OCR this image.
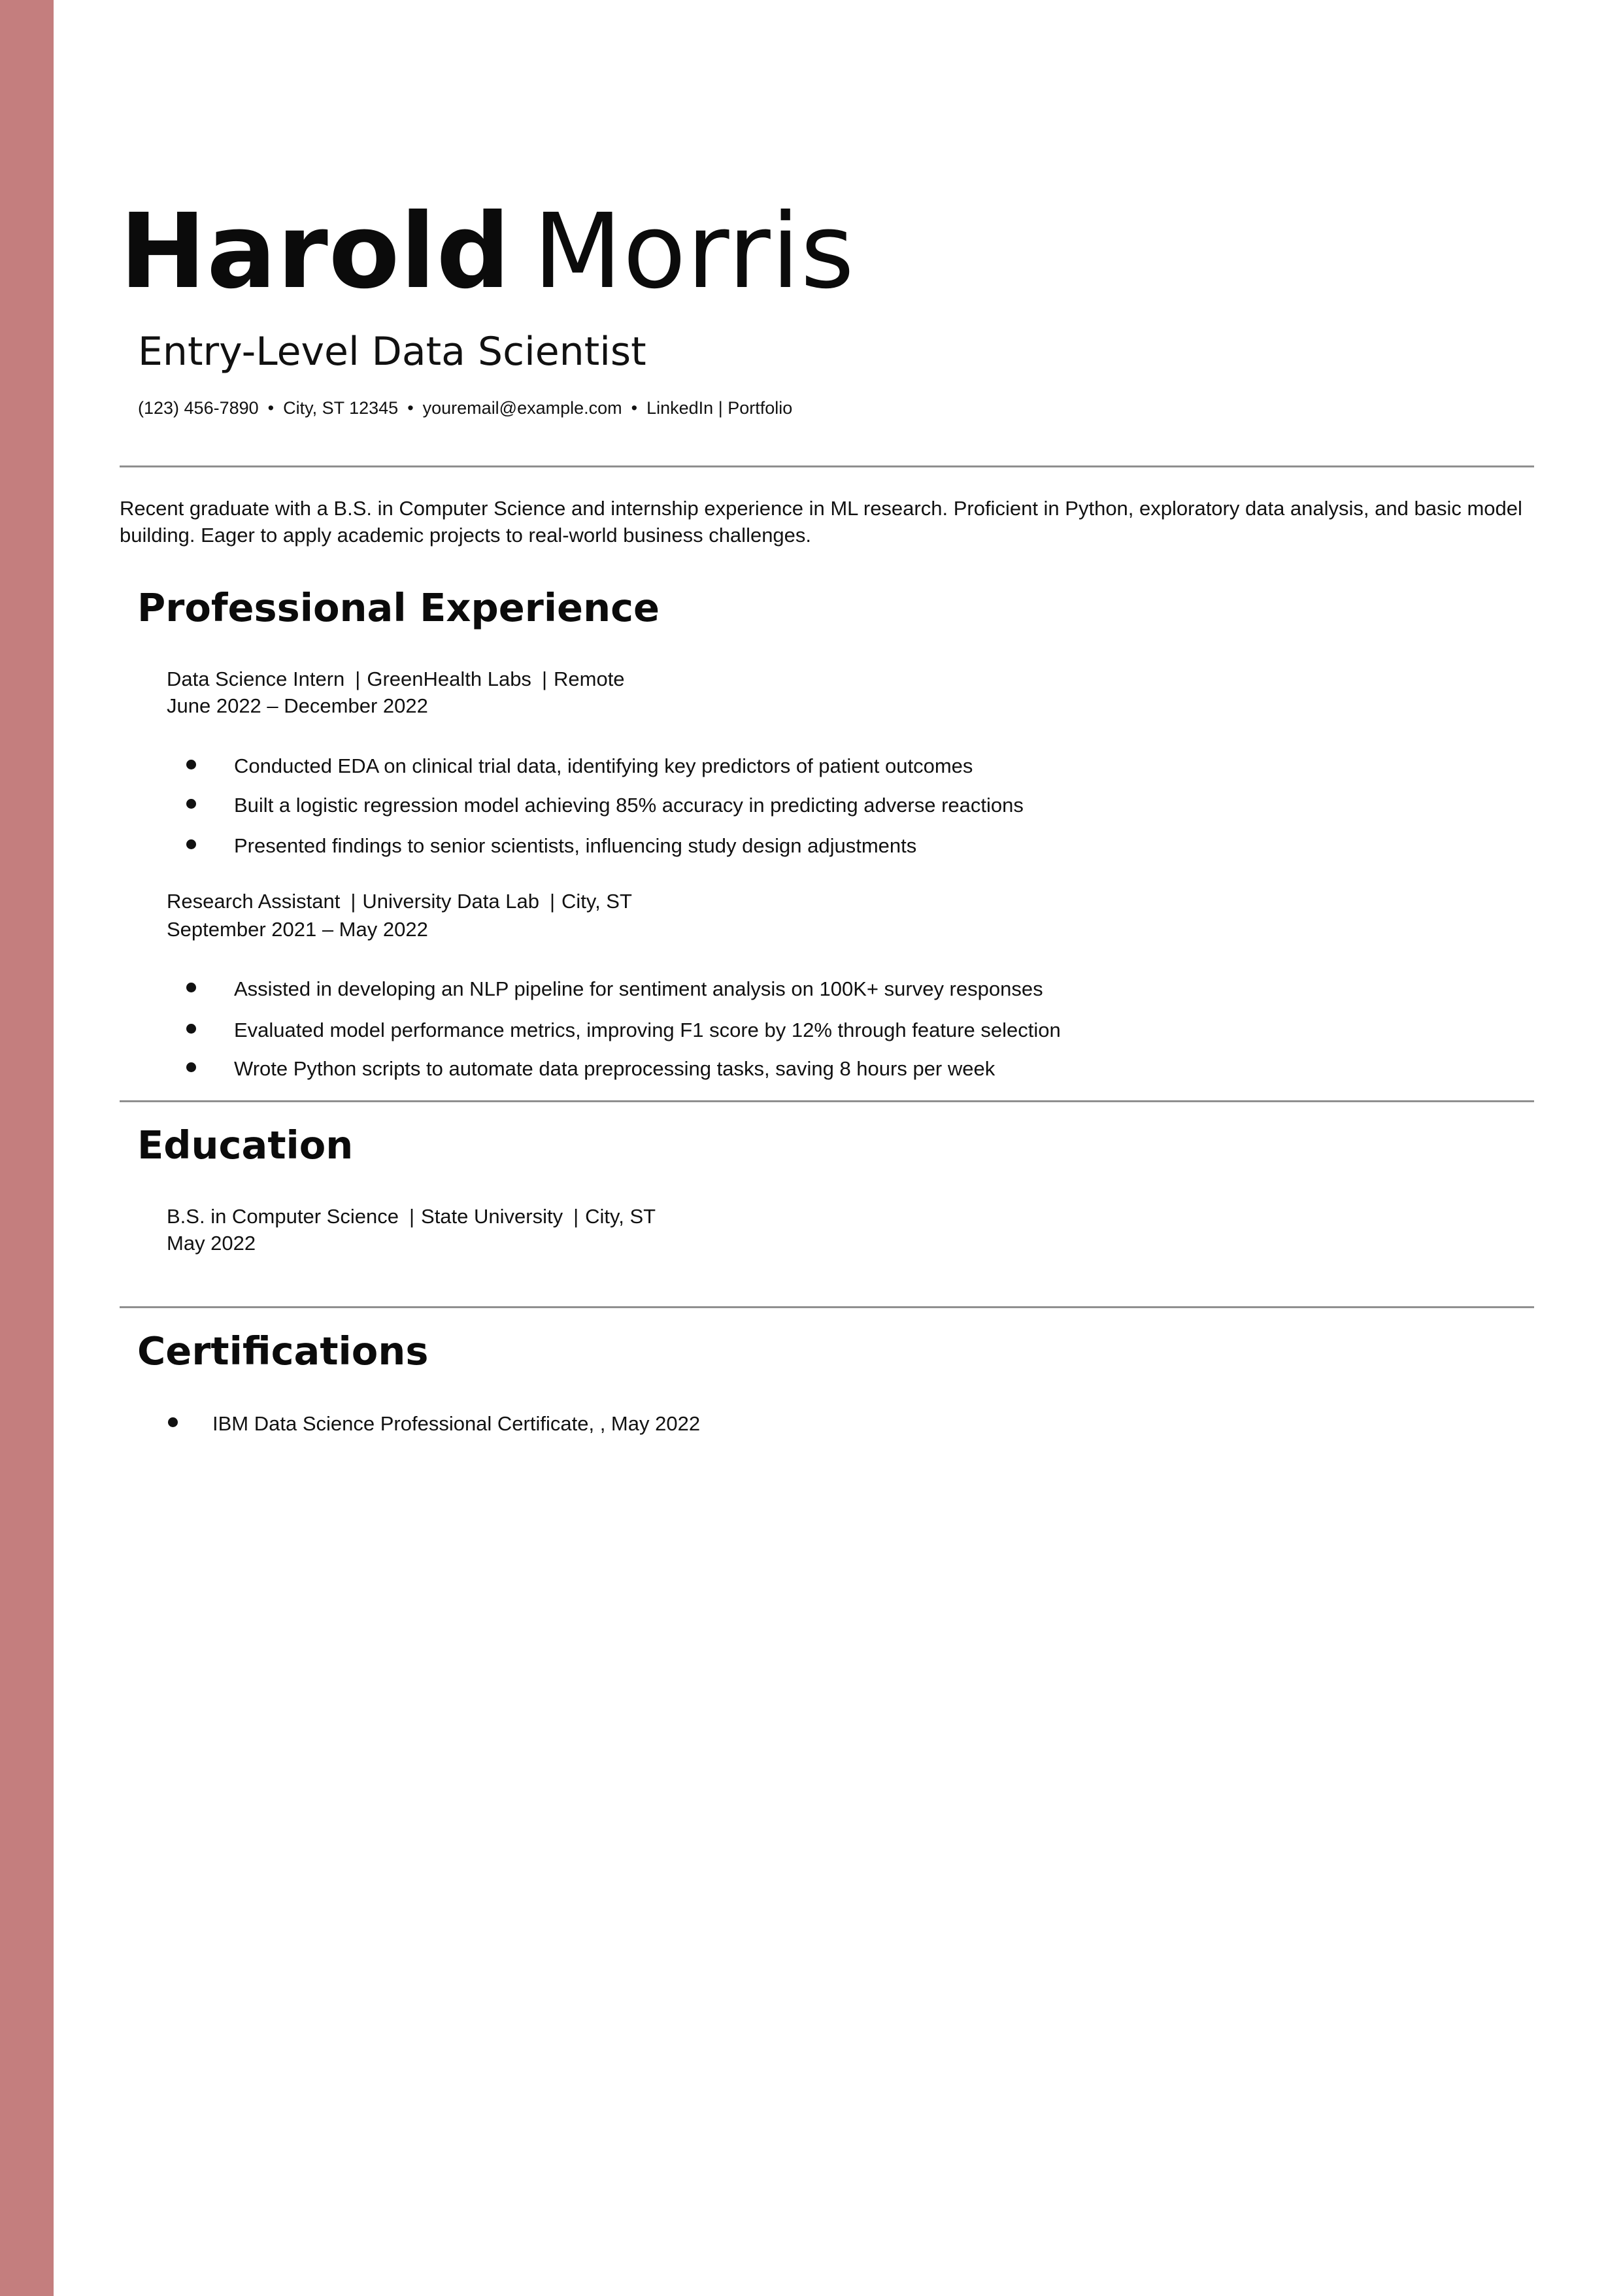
Harold Morris
Entry-Level Data Scientist
(123) 456-7890 • City, ST 12345 • youremail@example.com • LinkedIn | Portfolio

Recent graduate with a B.S. in Computer Science and internship experience in ML research. Proficient in Python, exploratory data analysis, and basic model building. Eager to apply academic projects to real-world business challenges.

Professional Experience

Data Science Intern | GreenHealth Labs | Remote

June 2022 – December 2022

Conducted EDA on clinical trial data, identifying key predictors of patient outcomes
Built a logistic regression model achieving 85% accuracy in predicting adverse reactions
Presented findings to senior scientists, influencing study design adjustments

Research Assistant | University Data Lab | City, ST

September 2021 – May 2022

Assisted in developing an NLP pipeline for sentiment analysis on 100K+ survey responses
Evaluated model performance metrics, improving F1 score by 12% through feature selection
Wrote Python scripts to automate data preprocessing tasks, saving 8 hours per week
Education

B.S. in Computer Science | State University | City, ST

May 2022

Certifications
IBM Data Science Professional Certificate, , May 2022
